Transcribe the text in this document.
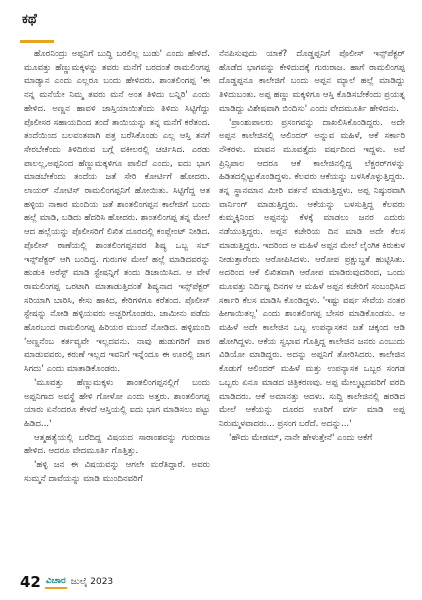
ಕಥೆ

ಹೊರನಿಂದ್ರು ಅಪ್ಪನಿಗೆ ಬುದ್ಧಿ ಬರಲಿಲ್ಲ ಬುಡು' ಎಂದು ಹೇಳಿದೆ. ಮೂವತ್ತು ಹೆಣ್ಣುಮಕ್ಕಳನ್ನು ತವರು ಮನೆಗೆ ಬರದಂತೆ ರಾಮಲಿಂಗಪ್ಪ ಮಾಡ್ಯಾನ ಎಂದು ಎಲ್ಲರೂ ಬಂದು ಹೇಳಿದರು. ಶಾಂತಲಿಂಗಪ್ಪ 'ಈ ನನ್ನ ಮನೆಯೇ ನಿಮ್ಮ ತವರು ಮನೆ ಅಂತ ತಿಳಿದು ಬನ್ನಿರಿ' ಎಂದು ಹೇಳಿದ. ಅಣ್ಣನ ಹಾವಳಿ ಜಾಸ್ತಿಯಾಯಿತೆಂದು ತಿಳಿದು ಸಿಟ್ಟಿಗೆದ್ದು ಪೊಲೀಸರ ಸಹಾಯದಿಂದ ತಂದೆ ತಾಯಿಯನ್ನು ತನ್ನ ಮನೆಗೆ ಕರೆತಂದ. ತಂದೆಯಿಂದ ಬಲವಂತವಾಗಿ ಪತ್ರ ಬರೆಸಿಕೊಂಡು ಎಲ್ಲ ಆಸ್ತಿ ತನಗೆ ಸೇರಬೇಕೆಂದು ತಿಳಿದಿರುವ ಬಗ್ಗೆ ವಕೀಲರಲ್ಲಿ ಚರ್ಚಿಸಿದ. ಎರಡು ಪಾಲಲ್ಲ,ಅಪ್ಪನಿಂದ ಹೆಣ್ಣುಮಕ್ಕಳಿಗೂ ಪಾಲಿದೆ ಎಂದು, ಐದು ಭಾಗ ಮಾಡಬೇಕೆಂದು ತಂದೆಯ ಜತೆ ಸೇರಿ ಕೋರ್ಟಿಗೆ ಹೋದರು. ಲಾಯರ್ ನೋಟಿಸ್ ರಾಮಲಿಂಗಪ್ಪನಿಗೆ ಹೋಯಿತು. ಸಿಟ್ಟಿಗೆದ್ದ ಆತ ಹಳ್ಳಿಯ ನಾಕಾರ ಮಂದಿಯ ಜತೆ ಶಾಂತಲಿಂಗಪ್ಪನ ಕಾಲೇಜಿಗೆ ಬಂದು ಹಲ್ಲೆ ಮಾಡಿ, ಬಡಿದು ಹೆದರಿಸಿ ಹೋದರು. ಶಾಂತಲಿಂಗಪ್ಪ ತನ್ನ ಮೇಲೆ ಆದ ಹಲ್ಲೆಯನ್ನು ಪೊಲೀಸರಿಗೆ ಲಿಖಿತ ದೂರದಲ್ಲಿ ಕಂಪ್ಲೇಂಟ್ ನೀಡಿದ. ಪೊಲೀಸ್ ಠಾಣೆಯಲ್ಲಿ ಶಾಂತಲಿಂಗಪ್ಪನವರ ಶಿಷ್ಯ ಒಬ್ಬ ಸಬ್ ಇನ್ಸ್‌ಪೆಕ್ಟರ್ ಆಗಿ ಬಂದಿದ್ದ. ಗುರುಗಳ ಮೇಲೆ ಹಲ್ಲೆ ಮಾಡಿದವರನ್ನು ಹುಡುಕಿ ಅರೆಸ್ಟ್ ಮಾಡಿ ಸ್ಟೇಷನ್ನಿಗೆ ತಂದು ಡಿಚಾಯಿಸಿದ. ಆ ವೇಳೆ ರಾಮಲಿಂಗಪ್ಪ ಒರಟಾಗಿ ಮಾತಾಡುತ್ತಿದಂತೆ ಶಿಷ್ಯನಾದ ಇನ್ಸ್‌ಪೆಕ್ಟರ್ ಸರಿಯಾಗಿ ಬಾರಿಸಿ, ಕೇಸು ಹಾಕಿದ, ಕೇರಿಗಳಿಗೂ ಕರೆತಂದ. ಪೊಲೀಸ್ ಸ್ಟೇಷನ್ನು ನೋಡಿ ಹಳ್ಳಿಯವರು ಅಚ್ಚರಿಗೊಂಡರು. ಜಾಮೀನು ಪಡೆದು ಹೊರಬಂದ ರಾಮಲಿಂಗಪ್ಪ ಹಿರಿಯರ ಮುಂದೆ ನೋಡಿದ. ಹಳ್ಳಿಮಂದಿ 'ಅಣ್ಣನೆಂಬ ಕರ್ತವ್ಯವೇ ಇಲ್ಲದವನು. ನಾವು ಹುಡುಗರಿಗೆ ಪಾಠ ಮಾಡುವವರು, ಕರುಣೆ ಇಲ್ಲದ ಇವನಿಗೆ ಇನ್ನೆಂದೂ ಈ ಊರಲ್ಲಿ ಜಾಗ ಸಿಗದು' ಎಂದು ಮಾತಾಡಿಕೊಂಡರು.

'ಮೂವತ್ತು ಹೆಣ್ಣುಮಕ್ಕಳು ಶಾಂತಲಿಂಗಪ್ಪನಲ್ಲಿಗೆ ಬಂದು ಅಪ್ಪನಿಗಾದ ಅವಸ್ಥೆ ಹೇಳಿ ಗೋಳೋ ಎಂದು ಅತ್ತರು. ಶಾಂತಲಿಂಗಪ್ಪ ಯಾರು ಏನೆಂದರೂ ಕೇಳದೆ ಆಸ್ತಿಯಲ್ಲಿ ಐದು ಭಾಗ ಮಾಡಿಸಲು ಪಟ್ಟು ಹಿಡಿದ...'

ಆತ್ಮಹತ್ಯೆಯಲ್ಲಿ ಬರೆದಿದ್ದ ವಿಷಯದ ಸಾರಾಂಶವನ್ನು ಗುರುರಾಜ ಹೇಳಿದ. ಆದರೂ ವೇದಮೂರ್ತಿ ಗೊತ್ತಿತ್ತು.

'ಹಳ್ಳಿ ಜನ ಈ ವಿಷಯವನ್ನು ಆಗಲೇ ಮರೆತಿದ್ದಾರೆ. ಅವರು ಸುಮ್ಮನೆ ದಾವೆಯನ್ನು ಮಾಡಿ ಮುಂದಿನವರಿಗೆ

ನೆನಪಿಸುವುದು ಯಾಕೆ? ದೊಡ್ಡಪ್ಪನಿಗೆ ಪೊಲೀಸ್ ಇನ್ಸ್‌ಪೆಕ್ಟರ್ ಹೊಡೆದ ಭಾಗವನ್ನು ಕೇಳಿದುದಕ್ಕೆ ಗುರುರಾಜ. ಹಾಗೆ ರಾಮಲಿಂಗಪ್ಪ ದೊಡ್ಡಪ್ಪನೂ ಕಾಲೇಜಿಗೆ ಬಂದು ಅಪ್ಪನ ಮ್ಯಾಲೆ ಹಲ್ಲೆ ಮಾಡಿದ್ದು ತಿಳಿದುಬಂತು. ಅಪ್ಪ ಹಣ್ಣು ಮಕ್ಕಳಿಗೂ ಆಸ್ತಿ ಕೊಡಿಸಬೇಕೆಂದು ಪ್ರಯತ್ನ ಮಾಡಿದ್ದು ವಿಶೇಷವಾಗಿ ಬಿಂದಿಸು' ಎಂದು ವೇದಮೂರ್ತಿ ಹೇಳಿದನು.

'ಪ್ರಾಂಶುಪಾಲರು ಪ್ರಸಂಗವನ್ನು ದಾಖಲಿಸಿಕೊಂಡಿದ್ದರು. ಅದೇ ಅಪ್ಪನ ಕಾಲೇಜಿನಲ್ಲಿ ಆಲಿಂದರ್ ಅನ್ನುವ ಮಹಿಳೆ, ಆಕೆ ಸರ್ಕಾರಿ ನೌಕರಳು. ಮಾವನ ಮೂವತ್ತೈದು ವರ್ಷದಿಂದ ಇದ್ದಳು. ಅವೆ ಪ್ರಿನ್ಸಿಪಾಲ ಆದರೂ ಆಕೆ ಕಾಲೇಜಿನಲ್ಲಿದ್ದ ಲೆಕ್ಚರರ್‌ಗಳನ್ನು ಹಿಡಿತದಲ್ಲಿಟ್ಟುಕೊಂಡಿದ್ದಳು. ಕೆಲವರು ಆಕೆಯನ್ನು ಬಳಸಿಕೊಳ್ಳುತ್ತಿದ್ದರು. ತನ್ನ ಸ್ಥಾನಮಾನ ಮೀರಿ ವರ್ತನೆ ಮಾಡುತ್ತಿದ್ದಳು. ಅಪ್ಪ ನಿಷ್ಠುರವಾಗಿ ವಾರ್ನಿಂಗ್ ಮಾಡುತ್ತಿದ್ದರು. ಆಕೆಯನ್ನು ಬಳಸುತ್ತಿದ್ದ ಕೆಲವರು ಕುಮ್ಮಕ್ಕಿನಿಂದ ಅಪ್ಪನನ್ನು ಕೆಳಕ್ಕೆ ಮಾಡಲು ಜನರ ಎದುರು ನಡೆಯುತ್ತಿದ್ದರು. ಅಪ್ಪನ ಕಚೇರಿಯ ದಿನ ಮಾಡಿ ಅದೇ ಕೆಲಸ ಮಾಡುತ್ತಿದ್ದರು. ಇದರಿಂದ ಆ ಮಹಿಳೆ ಅಪ್ಪನ ಮೇಲೆ ಲೈಂಗಿಕ ಕಿರುಕುಳ ನೀಡುತ್ತಾರೆಂದು ಆರೋಪಿಸಿದಳು. ಆರೋಪ ಪ್ರಕ್ಷುಬ್ಧತೆ ಹುಟ್ಟಿಸಿತು. ಅದರಿಂದ ಆಕೆ ಲಿಖಿತವಾಗಿ ಆರೋಪ ಮಾಡಿರುವುದರಿಂದ, ಒಂದು ಮೂವತ್ತು ನಿರ್ದಿಷ್ಟ ದಿನಗಳ ಆ ಮಹಿಳೆ ಅಪ್ಪನ ಕಚೇರಿಗೆ ಸಂಬಂಧಿಸಿದ ಸರ್ಕಾರಿ ಕೆಲಸ ಮಾಡಿಸಿ ಕೊಂಡಿದ್ದಳು. 'ಇಷ್ಟು ವರ್ಷ ಸೇವೆಯ ನಂತರ ಹೀಗಾಯಿತಲ್ಲ' ಎಂದು ಶಾಂತಲಿಂಗಪ್ಪ ಬೇಸರ ಮಾಡಿಕೊಂಡನು. ಆ ಮಹಿಳೆ ಅದೇ ಕಾಲೇಜಿನ ಒಬ್ಬ ಉಪನ್ಯಾಸಕನ ಜತೆ ಚಕ್ಕಂದ ಆಡಿ ಹೋಗಿದ್ದಳು. ಆಕೆಯ ಸ್ವಭಾವ ಗೊತ್ತಿದ್ದ ಕಾಲೇಜಿನ ಜನರು ಎಂಬುದು ವಿಡಿಯೋ ಮಾಡಿದ್ದರು. ಅದನ್ನು ಅಪ್ಪನಿಗೆ ತೋರಿಸಿದರು. ಕಾಲೇಜಿನ ಕೊಡುಗೆ ಆಲಿಂದರ್ ಮಹಿಳೆ ಮತ್ತು ಉಪನ್ಯಾಸಕ ಒಬ್ಬರ ಸಂಗಡ ಒಬ್ಬರು ಏನೂ ಮಾಡದ ಚಿತ್ರಿಕರಣವು. ಅಪ್ಪ ಮೇಲ್ಮಟ್ಟದವರಿಗೆ ವರದಿ ಮಾಡಿದರು. ಆಕೆ ಅಮಾನತ್ತು ಆದಳು. ಸುದ್ದಿ ಕಾಲೇಜಿನಲ್ಲಿ ಹರಡಿದ ಮೇಲೆ ಆಕೆಯನ್ನು ದೂರದ ಊರಿಗೆ ವರ್ಗ ಮಾಡಿ ಅಪ್ಪ ನಿರುಮ್ಮಳವಾದರು... ಪ್ರಸಂಗ ಬರೆದೆ. ಅದನ್ನು...'

'ಹೌದು ಮೇಡಮ್, ನಾನೇ ಹೇಳುತ್ತೇನೆ' ಎಂದು ಆಕೆಗೆ

42 ವಿಚಾರ ಜುಲೈ 2023
